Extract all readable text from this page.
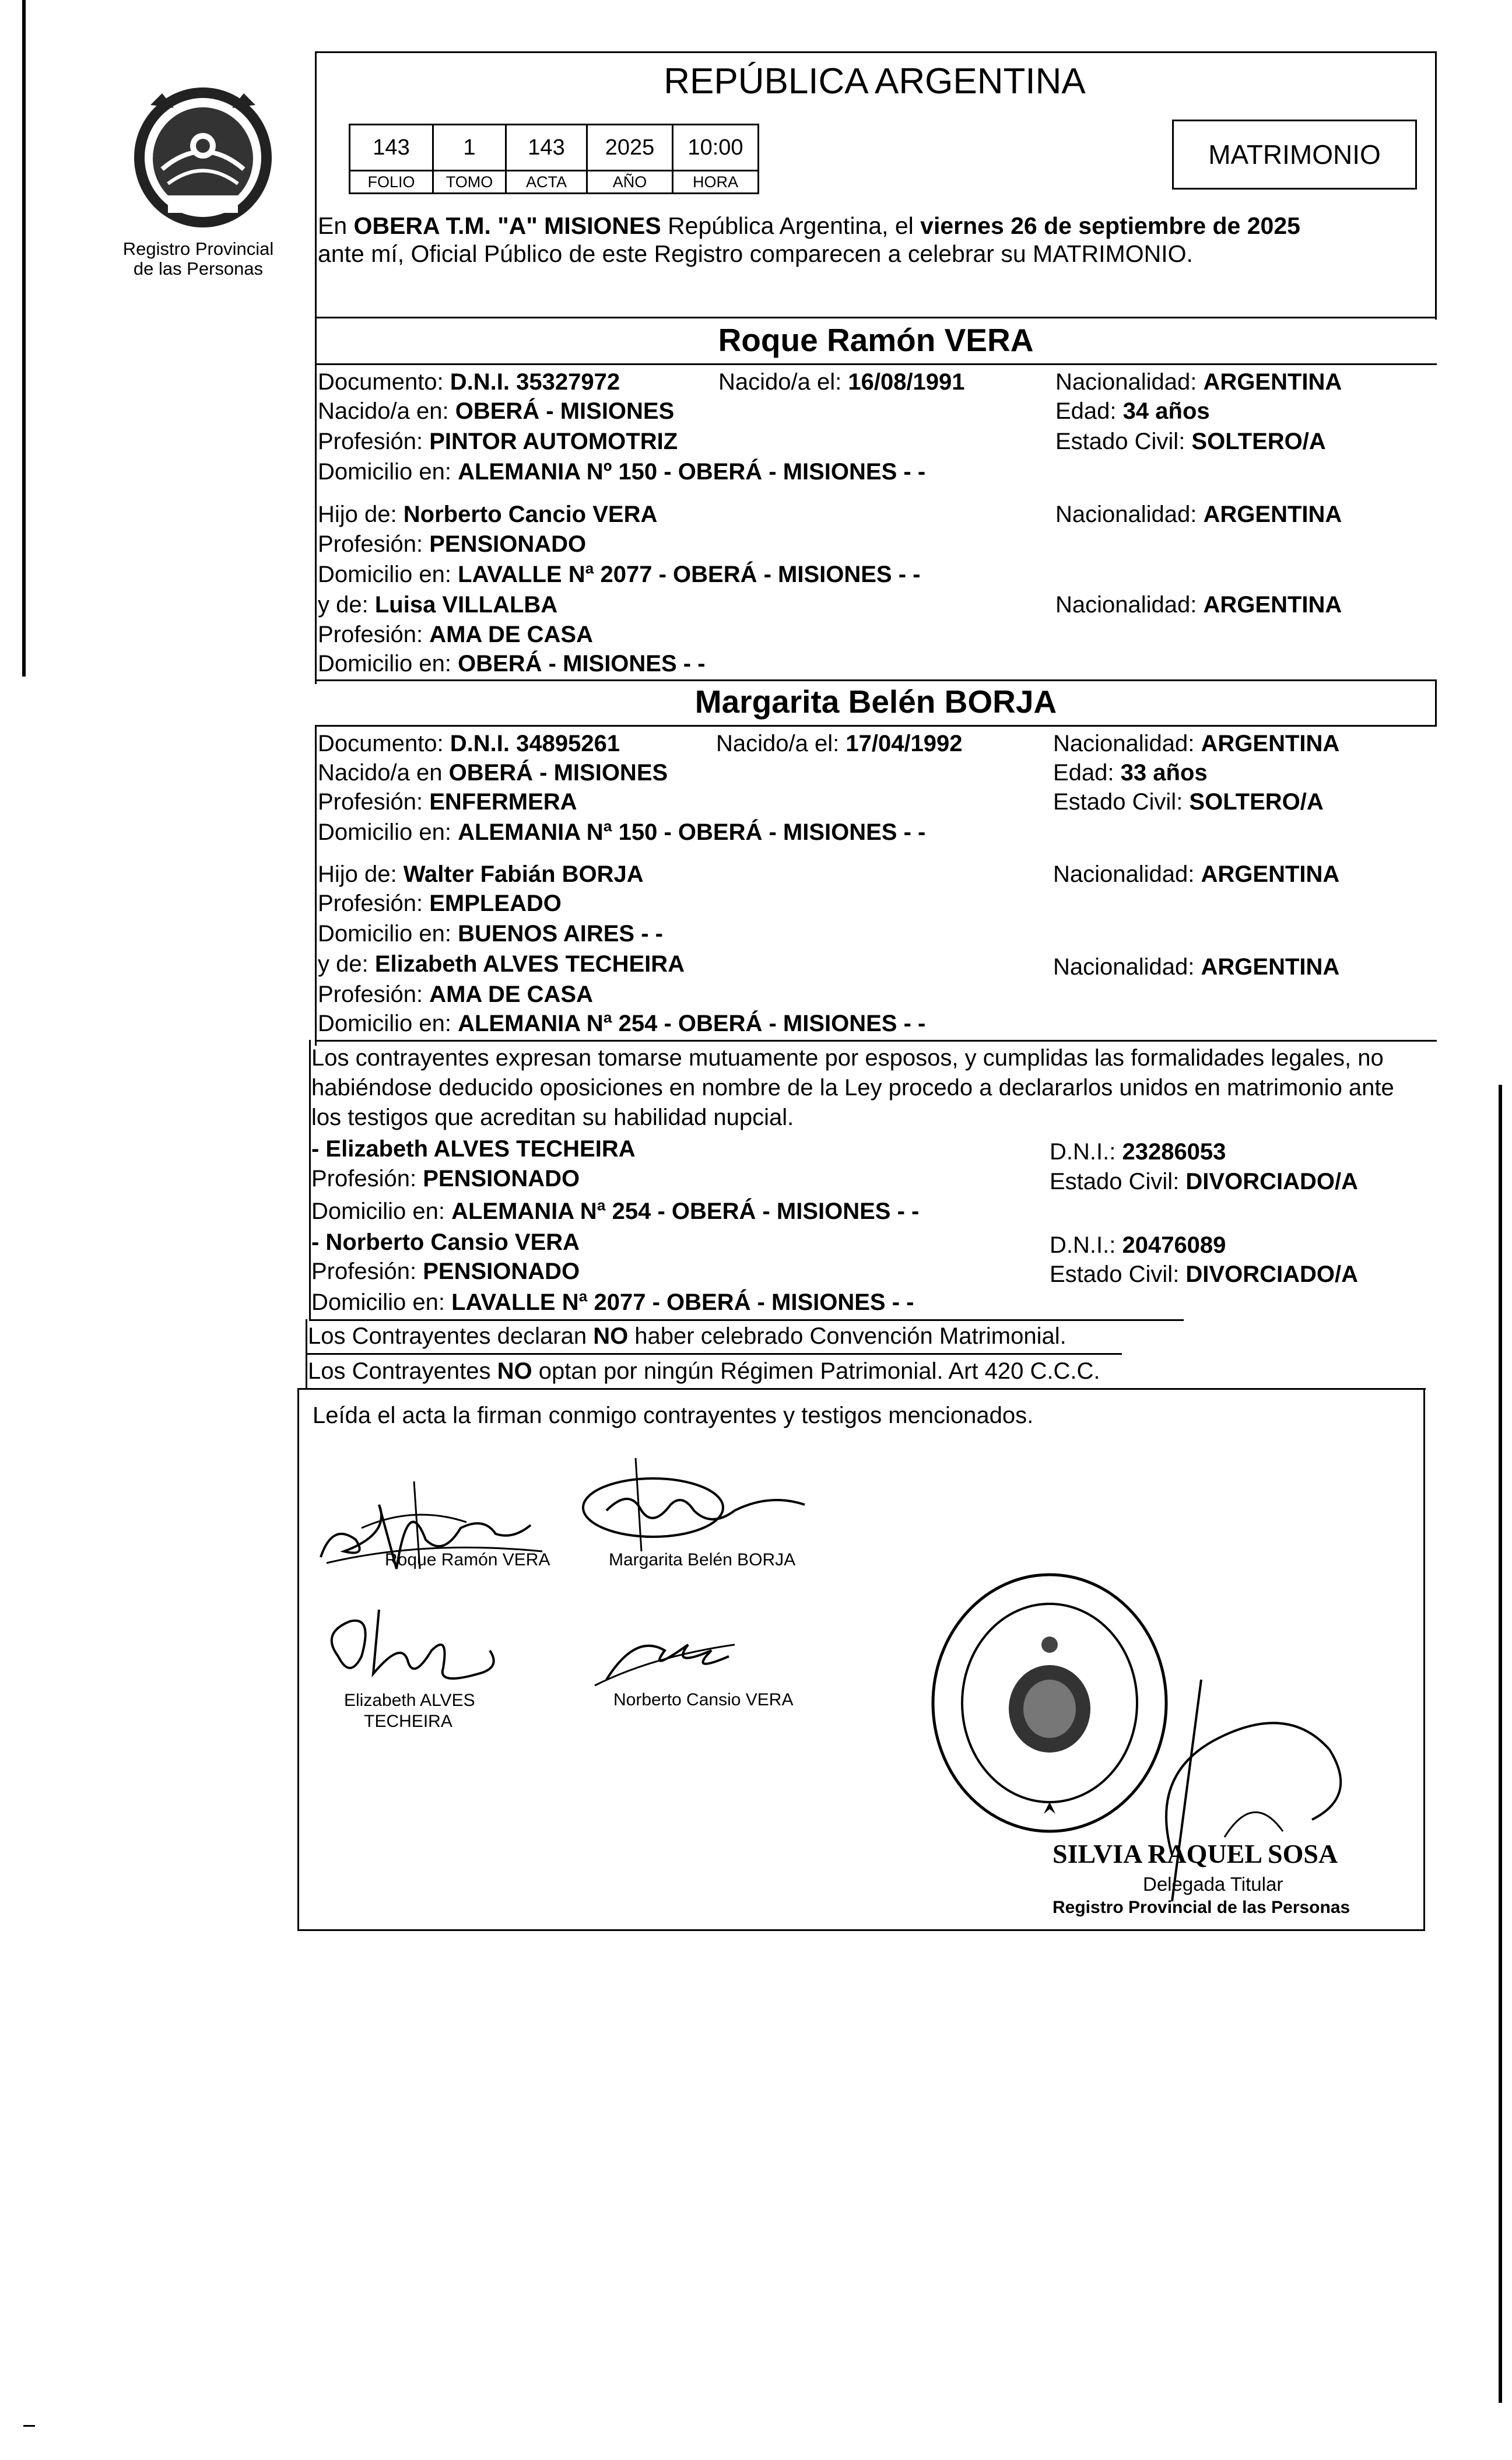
Registro Provincial
de las Personas
REPÚBLICA ARGENTINA
143	1	143	2025	10:00
FOLIO	TOMO	ACTA	AÑO	HORA
MATRIMONIO
En OBERA T.M. "A" MISIONES República Argentina, el viernes 26 de septiembre de 2025
ante mí, Oficial Público de este Registro comparecen a celebrar su MATRIMONIO.
Roque Ramón VERA
Documento: D.N.I. 35327972	Nacido/a el: 16/08/1991	Nacionalidad: ARGENTINA
Nacido/a en: OBERÁ - MISIONES	Edad: 34 años
Profesión: PINTOR AUTOMOTRIZ	Estado Civil: SOLTERO/A
Domicilio en: ALEMANIA Nº 150 - OBERÁ - MISIONES - -
Hijo de: Norberto Cancio VERA	Nacionalidad: ARGENTINA
Profesión: PENSIONADO
Domicilio en: LAVALLE Nª 2077 - OBERÁ - MISIONES - -
y de: Luisa VILLALBA	Nacionalidad: ARGENTINA
Profesión: AMA DE CASA
Domicilio en: OBERÁ - MISIONES - -
Margarita Belén BORJA
Documento: D.N.I. 34895261	Nacido/a el: 17/04/1992	Nacionalidad: ARGENTINA
Nacido/a en OBERÁ - MISIONES	Edad: 33 años
Profesión: ENFERMERA	Estado Civil: SOLTERO/A
Domicilio en: ALEMANIA Nª 150 - OBERÁ - MISIONES - -
Hijo de: Walter Fabián BORJA	Nacionalidad: ARGENTINA
Profesión: EMPLEADO
Domicilio en: BUENOS AIRES - -
y de: Elizabeth ALVES TECHEIRA	Nacionalidad: ARGENTINA
Profesión: AMA DE CASA
Domicilio en: ALEMANIA Nª 254 - OBERÁ - MISIONES - -
Los contrayentes expresan tomarse mutuamente por esposos, y cumplidas las formalidades legales, no
habiéndose deducido oposiciones en nombre de la Ley procedo a declararlos unidos en matrimonio ante
los testigos que acreditan su habilidad nupcial.
- Elizabeth ALVES TECHEIRA	D.N.I.: 23286053
Profesión: PENSIONADO	Estado Civil: DIVORCIADO/A
Domicilio en: ALEMANIA Nª 254 - OBERÁ - MISIONES - -
- Norberto Cansio VERA	D.N.I.: 20476089
Profesión: PENSIONADO	Estado Civil: DIVORCIADO/A
Domicilio en: LAVALLE Nª 2077 - OBERÁ - MISIONES - -
Los Contrayentes declaran NO haber celebrado Convención Matrimonial.
Los Contrayentes NO optan por ningún Régimen Patrimonial. Art 420 C.C.C.
Leída el acta la firman conmigo contrayentes y testigos mencionados.
Roque Ramón VERA	Margarita Belén BORJA
Elizabeth ALVES
TECHEIRA
Norberto Cansio VERA
SILVIA RAQUEL SOSA
Delegada Titular
Registro Provincial de las Personas
